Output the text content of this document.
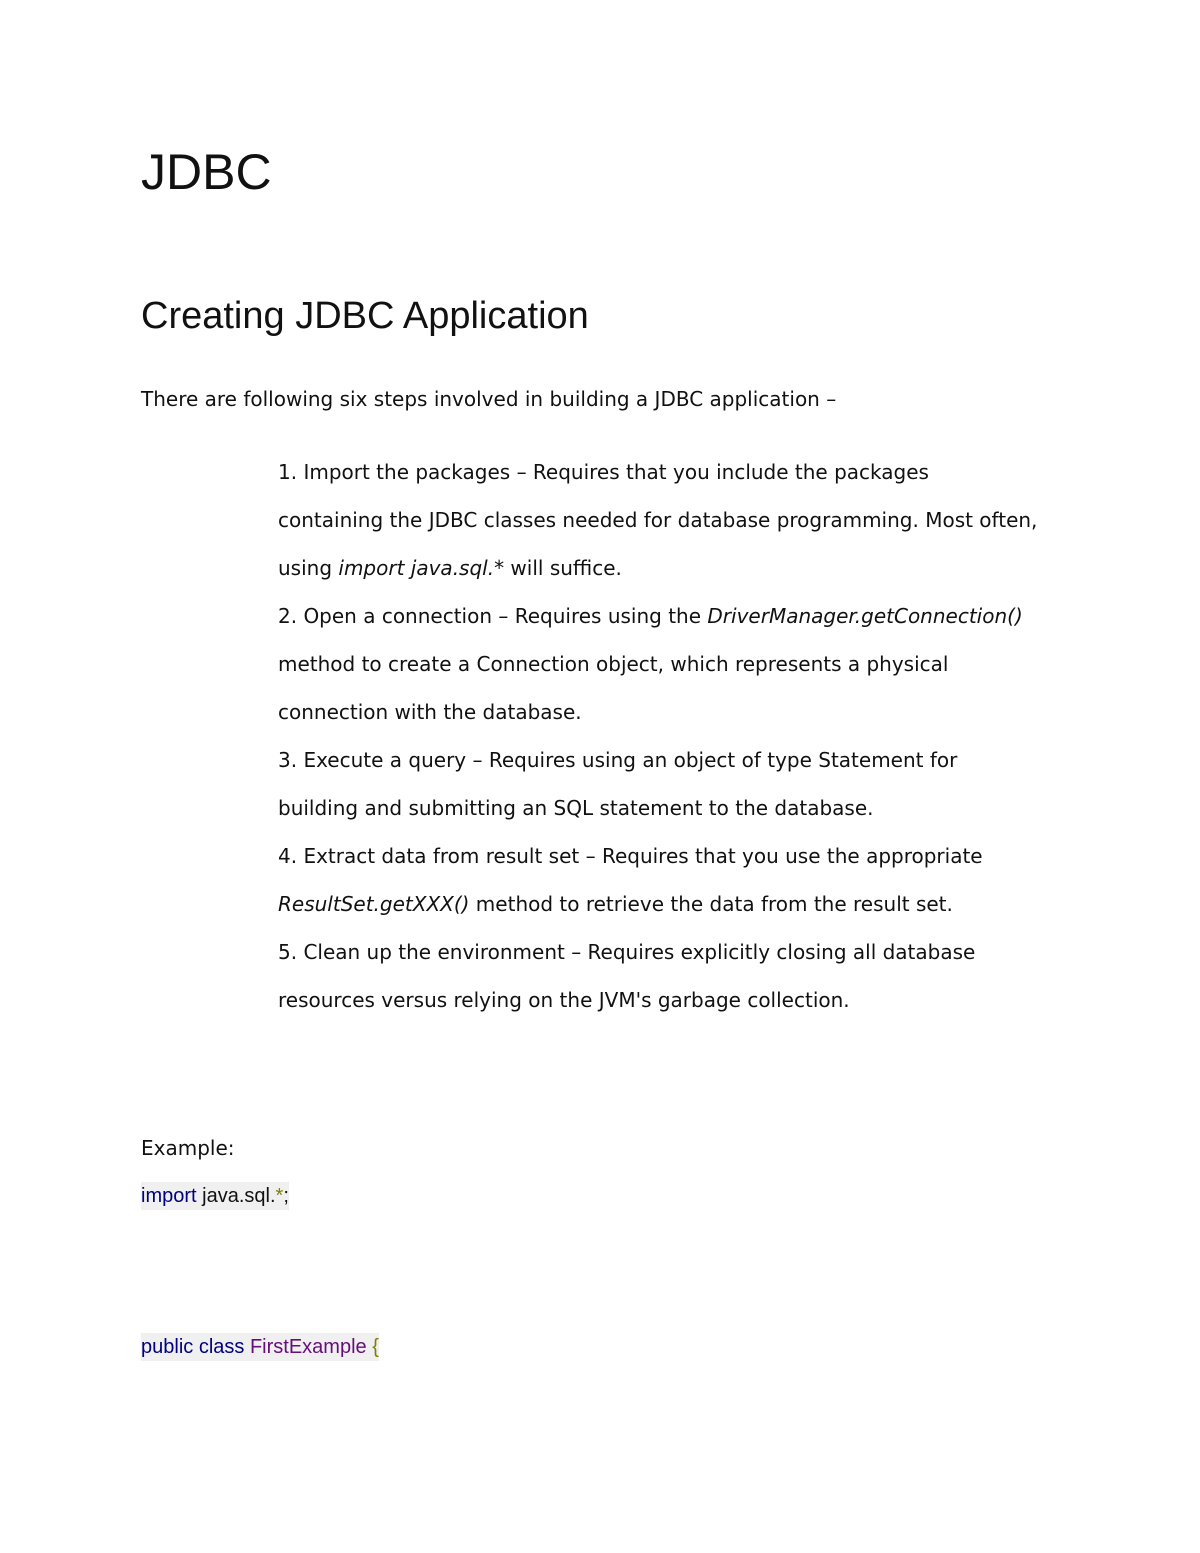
JDBC
Creating JDBC Application
There are following six steps involved in building a JDBC application –

1. Import the packages – Requires that you include the packages containing the JDBC classes needed for database programming. Most often, using import java.sql.* will suffice.

2. Open a connection – Requires using the DriverManager.getConnection() method to create a Connection object, which represents a physical connection with the database.

3. Execute a query – Requires using an object of type Statement for building and submitting an SQL statement to the database.

4. Extract data from result set – Requires that you use the appropriate ResultSet.getXXX() method to retrieve the data from the result set.

5. Clean up the environment – Requires explicitly closing all database resources versus relying on the JVM's garbage collection.

Example:
import java.sql.*;
public class FirstExample {
